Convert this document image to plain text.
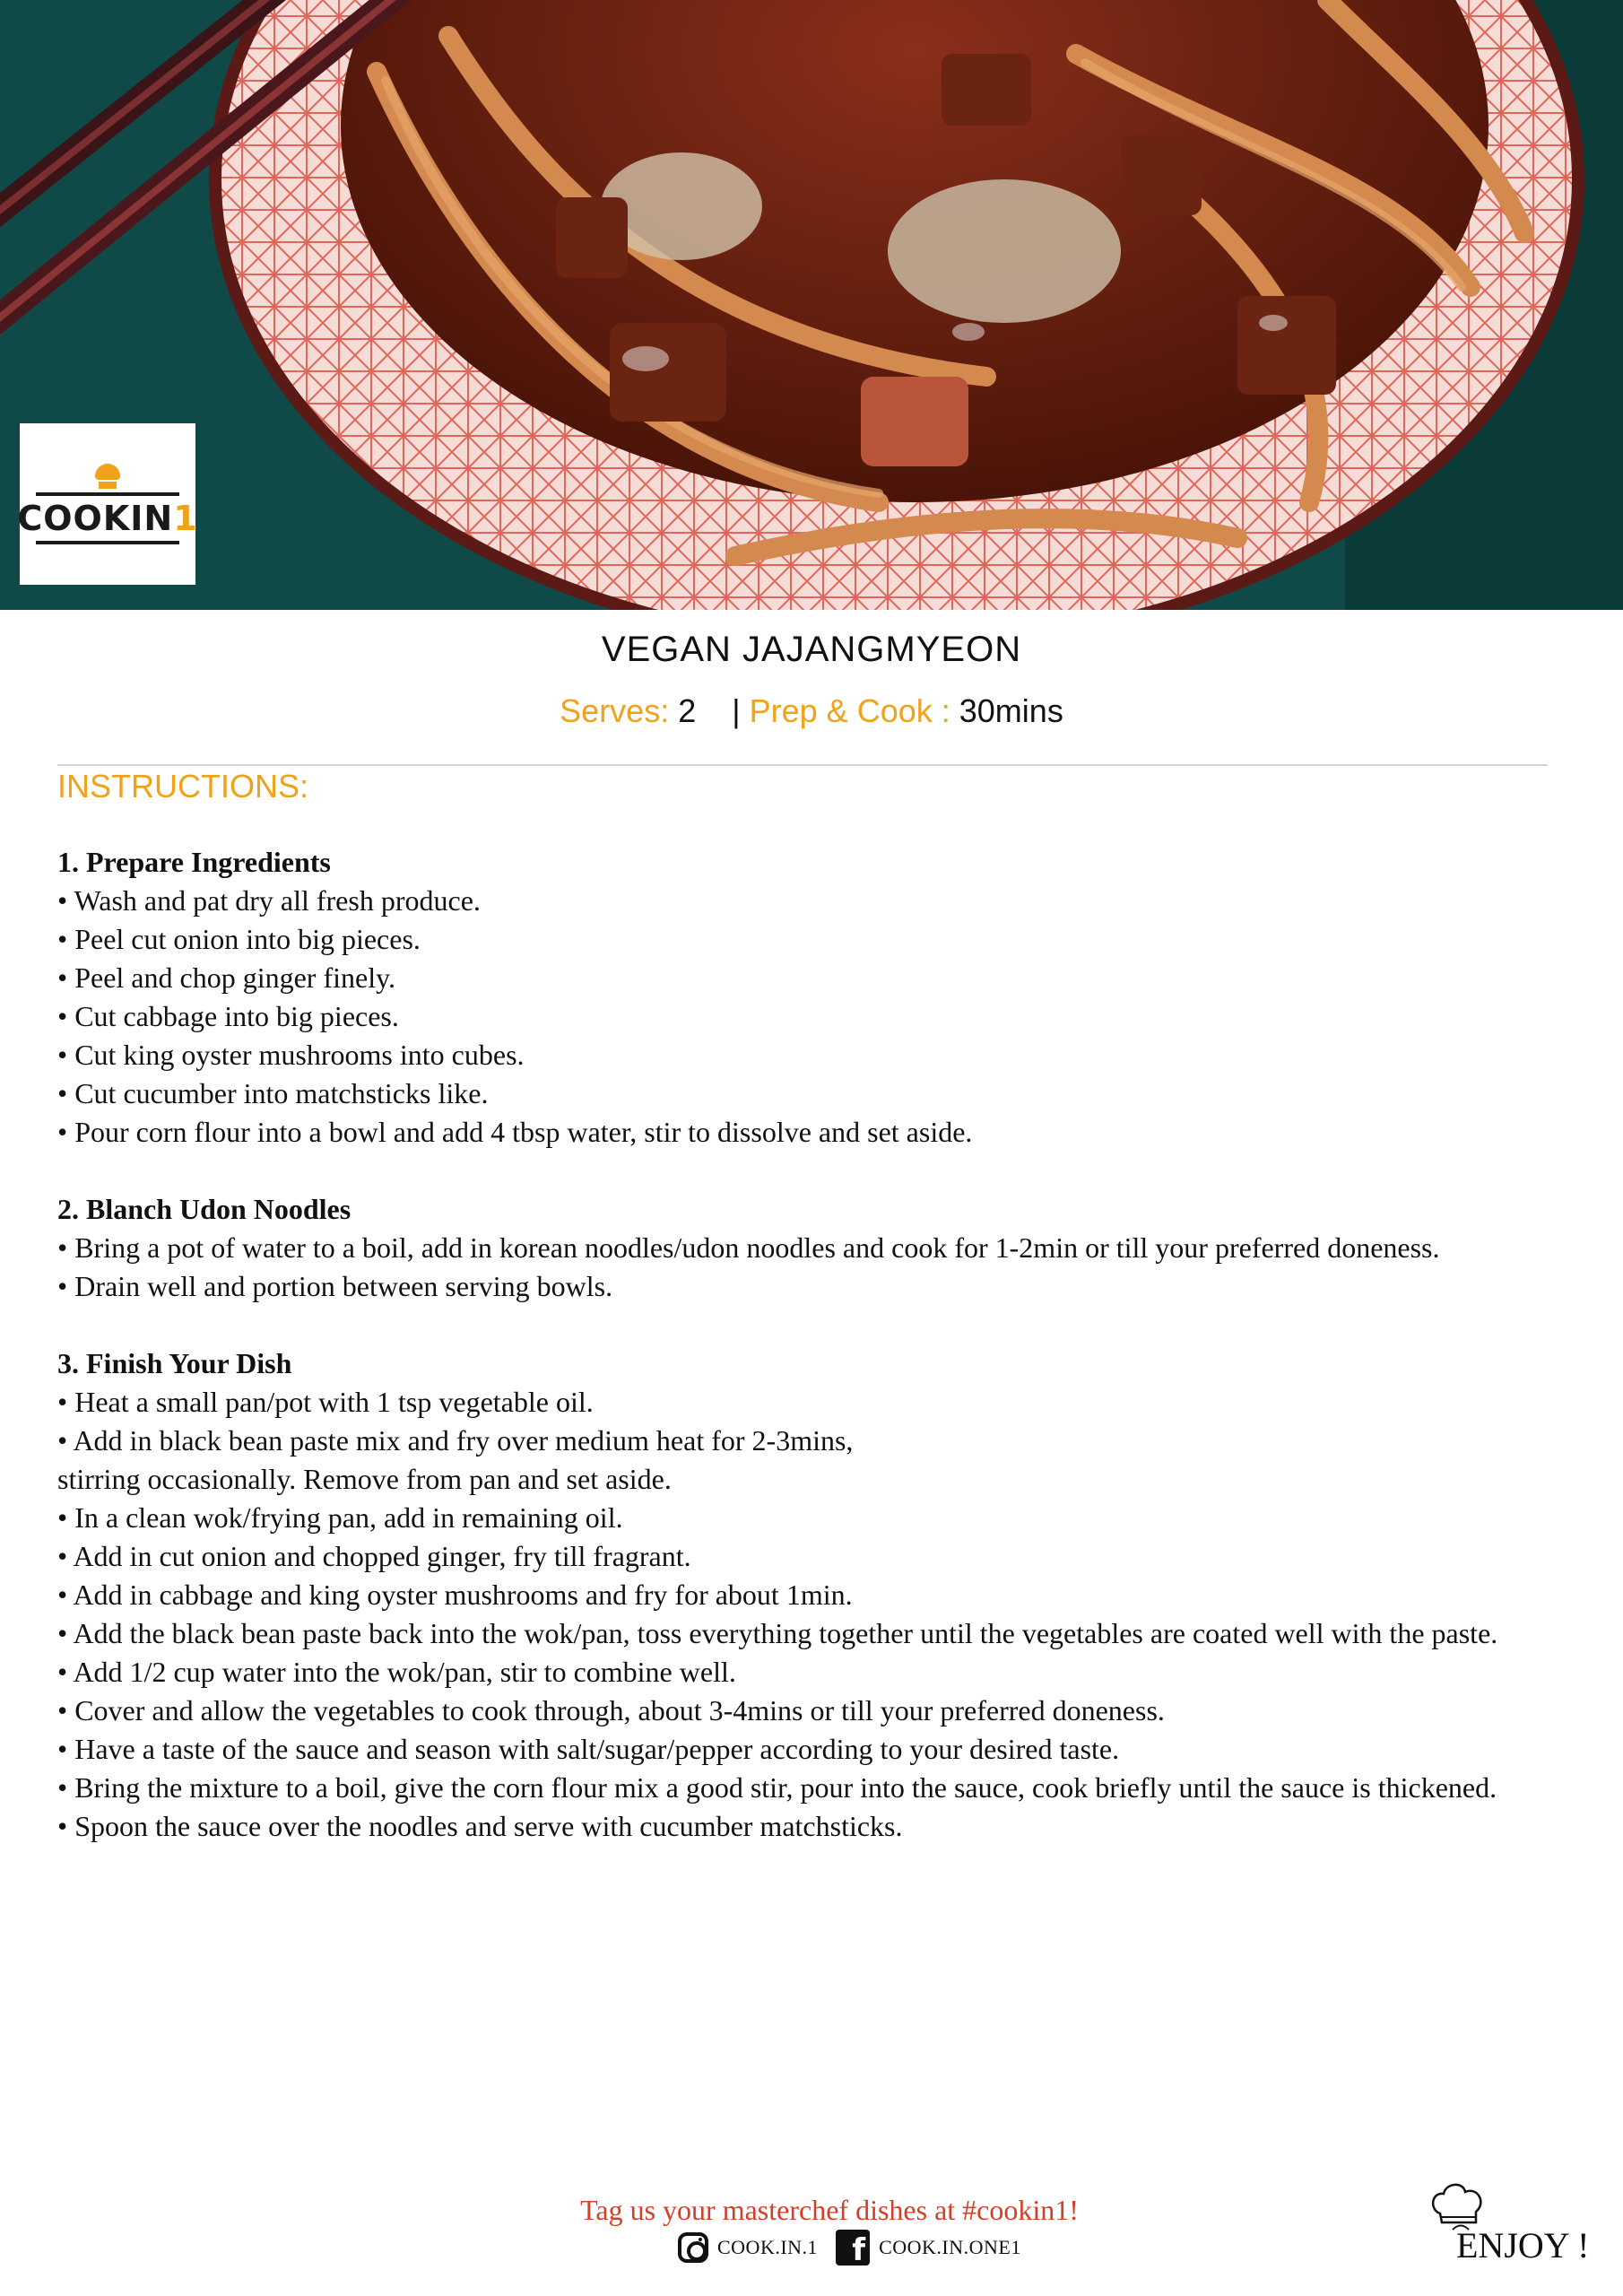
COOKIN1
VEGAN JAJANGMYEON
Serves: 2 | Prep & Cook : 30mins
INSTRUCTIONS:
1. Prepare Ingredients
• Wash and pat dry all fresh produce.
• Peel cut onion into big pieces.
• Peel and chop ginger finely.
• Cut cabbage into big pieces.
• Cut king oyster mushrooms into cubes.
• Cut cucumber into matchsticks like.
• Pour corn flour into a bowl and add 4 tbsp water, stir to dissolve and set aside.
2. Blanch Udon Noodles
• Bring a pot of water to a boil, add in korean noodles/udon noodles and cook for 1-2min or till your preferred doneness.
• Drain well and portion between serving bowls.
3. Finish Your Dish
• Heat a small pan/pot with 1 tsp vegetable oil.
• Add in black bean paste mix and fry over medium heat for 2-3mins,
stirring occasionally. Remove from pan and set aside.
• In a clean wok/frying pan, add in remaining oil.
• Add in cut onion and chopped ginger, fry till fragrant.
• Add in cabbage and king oyster mushrooms and fry for about 1min.
• Add the black bean paste back into the wok/pan, toss everything together until the vegetables are coated well with the paste.
• Add 1/2 cup water into the wok/pan, stir to combine well.
• Cover and allow the vegetables to cook through, about 3-4mins or till your preferred doneness.
• Have a taste of the sauce and season with salt/sugar/pepper according to your desired taste.
• Bring the mixture to a boil, give the corn flour mix a good stir, pour into the sauce, cook briefly until the sauce is thickened.
• Spoon the sauce over the noodles and serve with cucumber matchsticks.
Tag us your masterchef dishes at #cookin1!
COOK.IN.1	f COOK.IN.ONE1	ENJOY !
